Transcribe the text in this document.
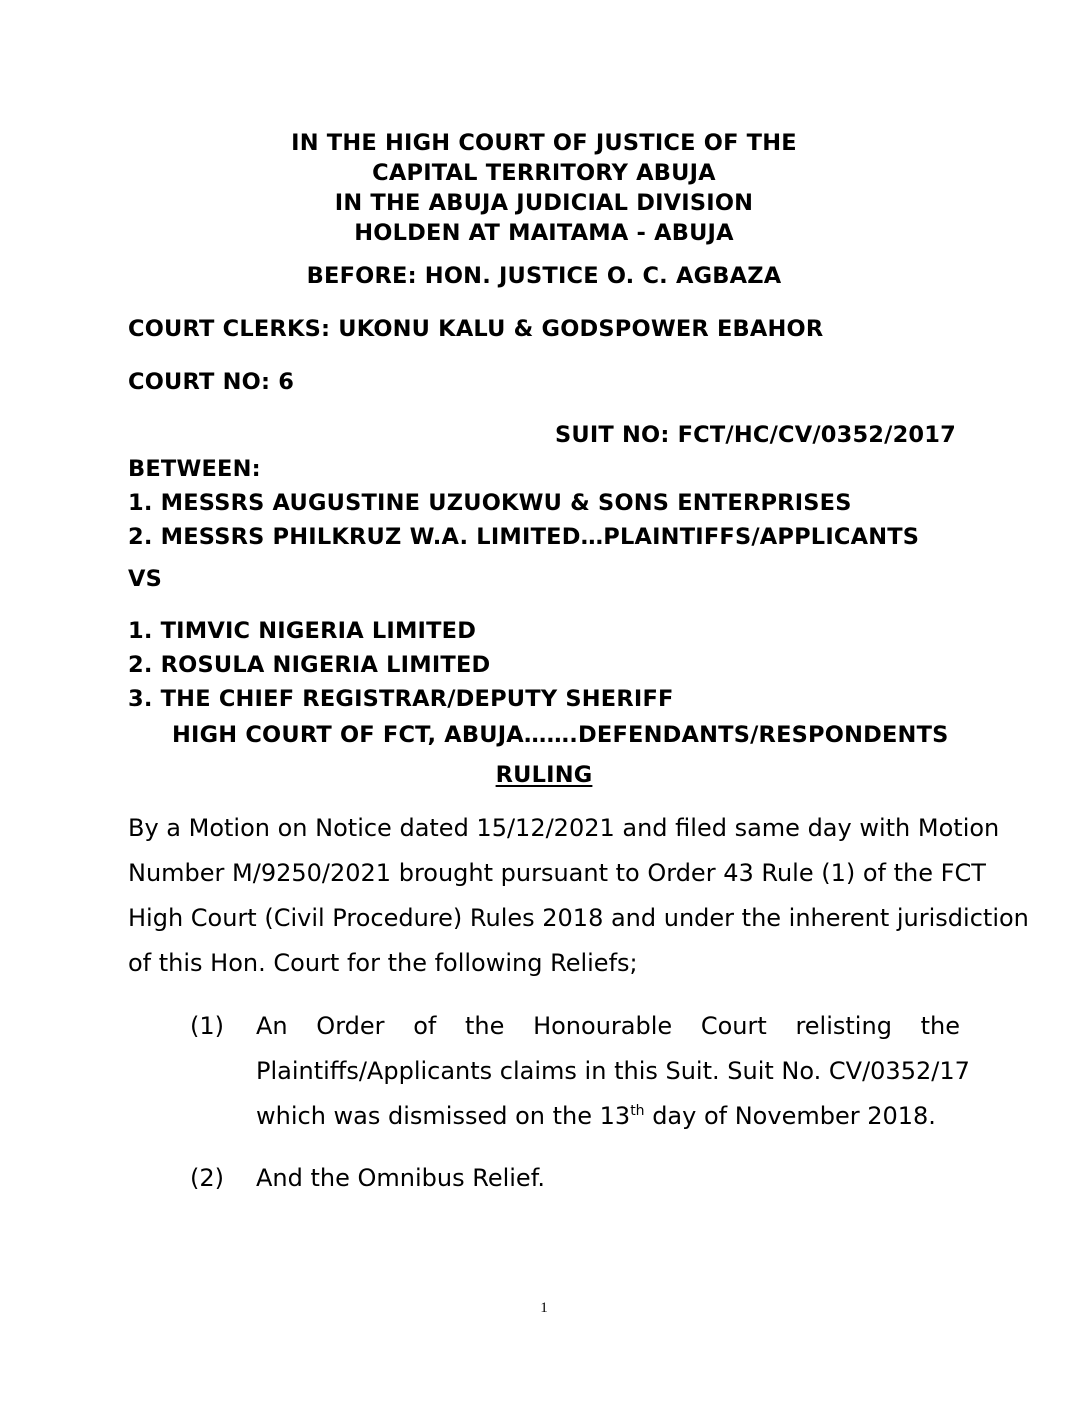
IN THE HIGH COURT OF JUSTICE OF THE
CAPITAL TERRITORY ABUJA
IN THE ABUJA JUDICIAL DIVISION
HOLDEN AT MAITAMA - ABUJA
BEFORE: HON. JUSTICE O. C. AGBAZA
COURT CLERKS: UKONU KALU & GODSPOWER EBAHOR
COURT NO: 6
SUIT NO: FCT/HC/CV/0352/2017
BETWEEN:
1. MESSRS AUGUSTINE UZUOKWU & SONS ENTERPRISES
2. MESSRS PHILKRUZ W.A. LIMITED…PLAINTIFFS/APPLICANTS
VS
1. TIMVIC NIGERIA LIMITED
2. ROSULA NIGERIA LIMITED
3. THE CHIEF REGISTRAR/DEPUTY SHERIFF
HIGH COURT OF FCT, ABUJA…….DEFENDANTS/RESPONDENTS
RULING
By a Motion on Notice dated 15/12/2021 and filed same day with Motion
Number M/9250/2021 brought pursuant to Order 43 Rule (1) of the FCT
High Court (Civil Procedure) Rules 2018 and under the inherent jurisdiction
of this Hon. Court for the following Reliefs;
(1) An Order of the Honourable Court relisting the
Plaintiffs/Applicants claims in this Suit. Suit No. CV/0352/17
which was dismissed on the 13th day of November 2018.
(2) And the Omnibus Relief.
1
